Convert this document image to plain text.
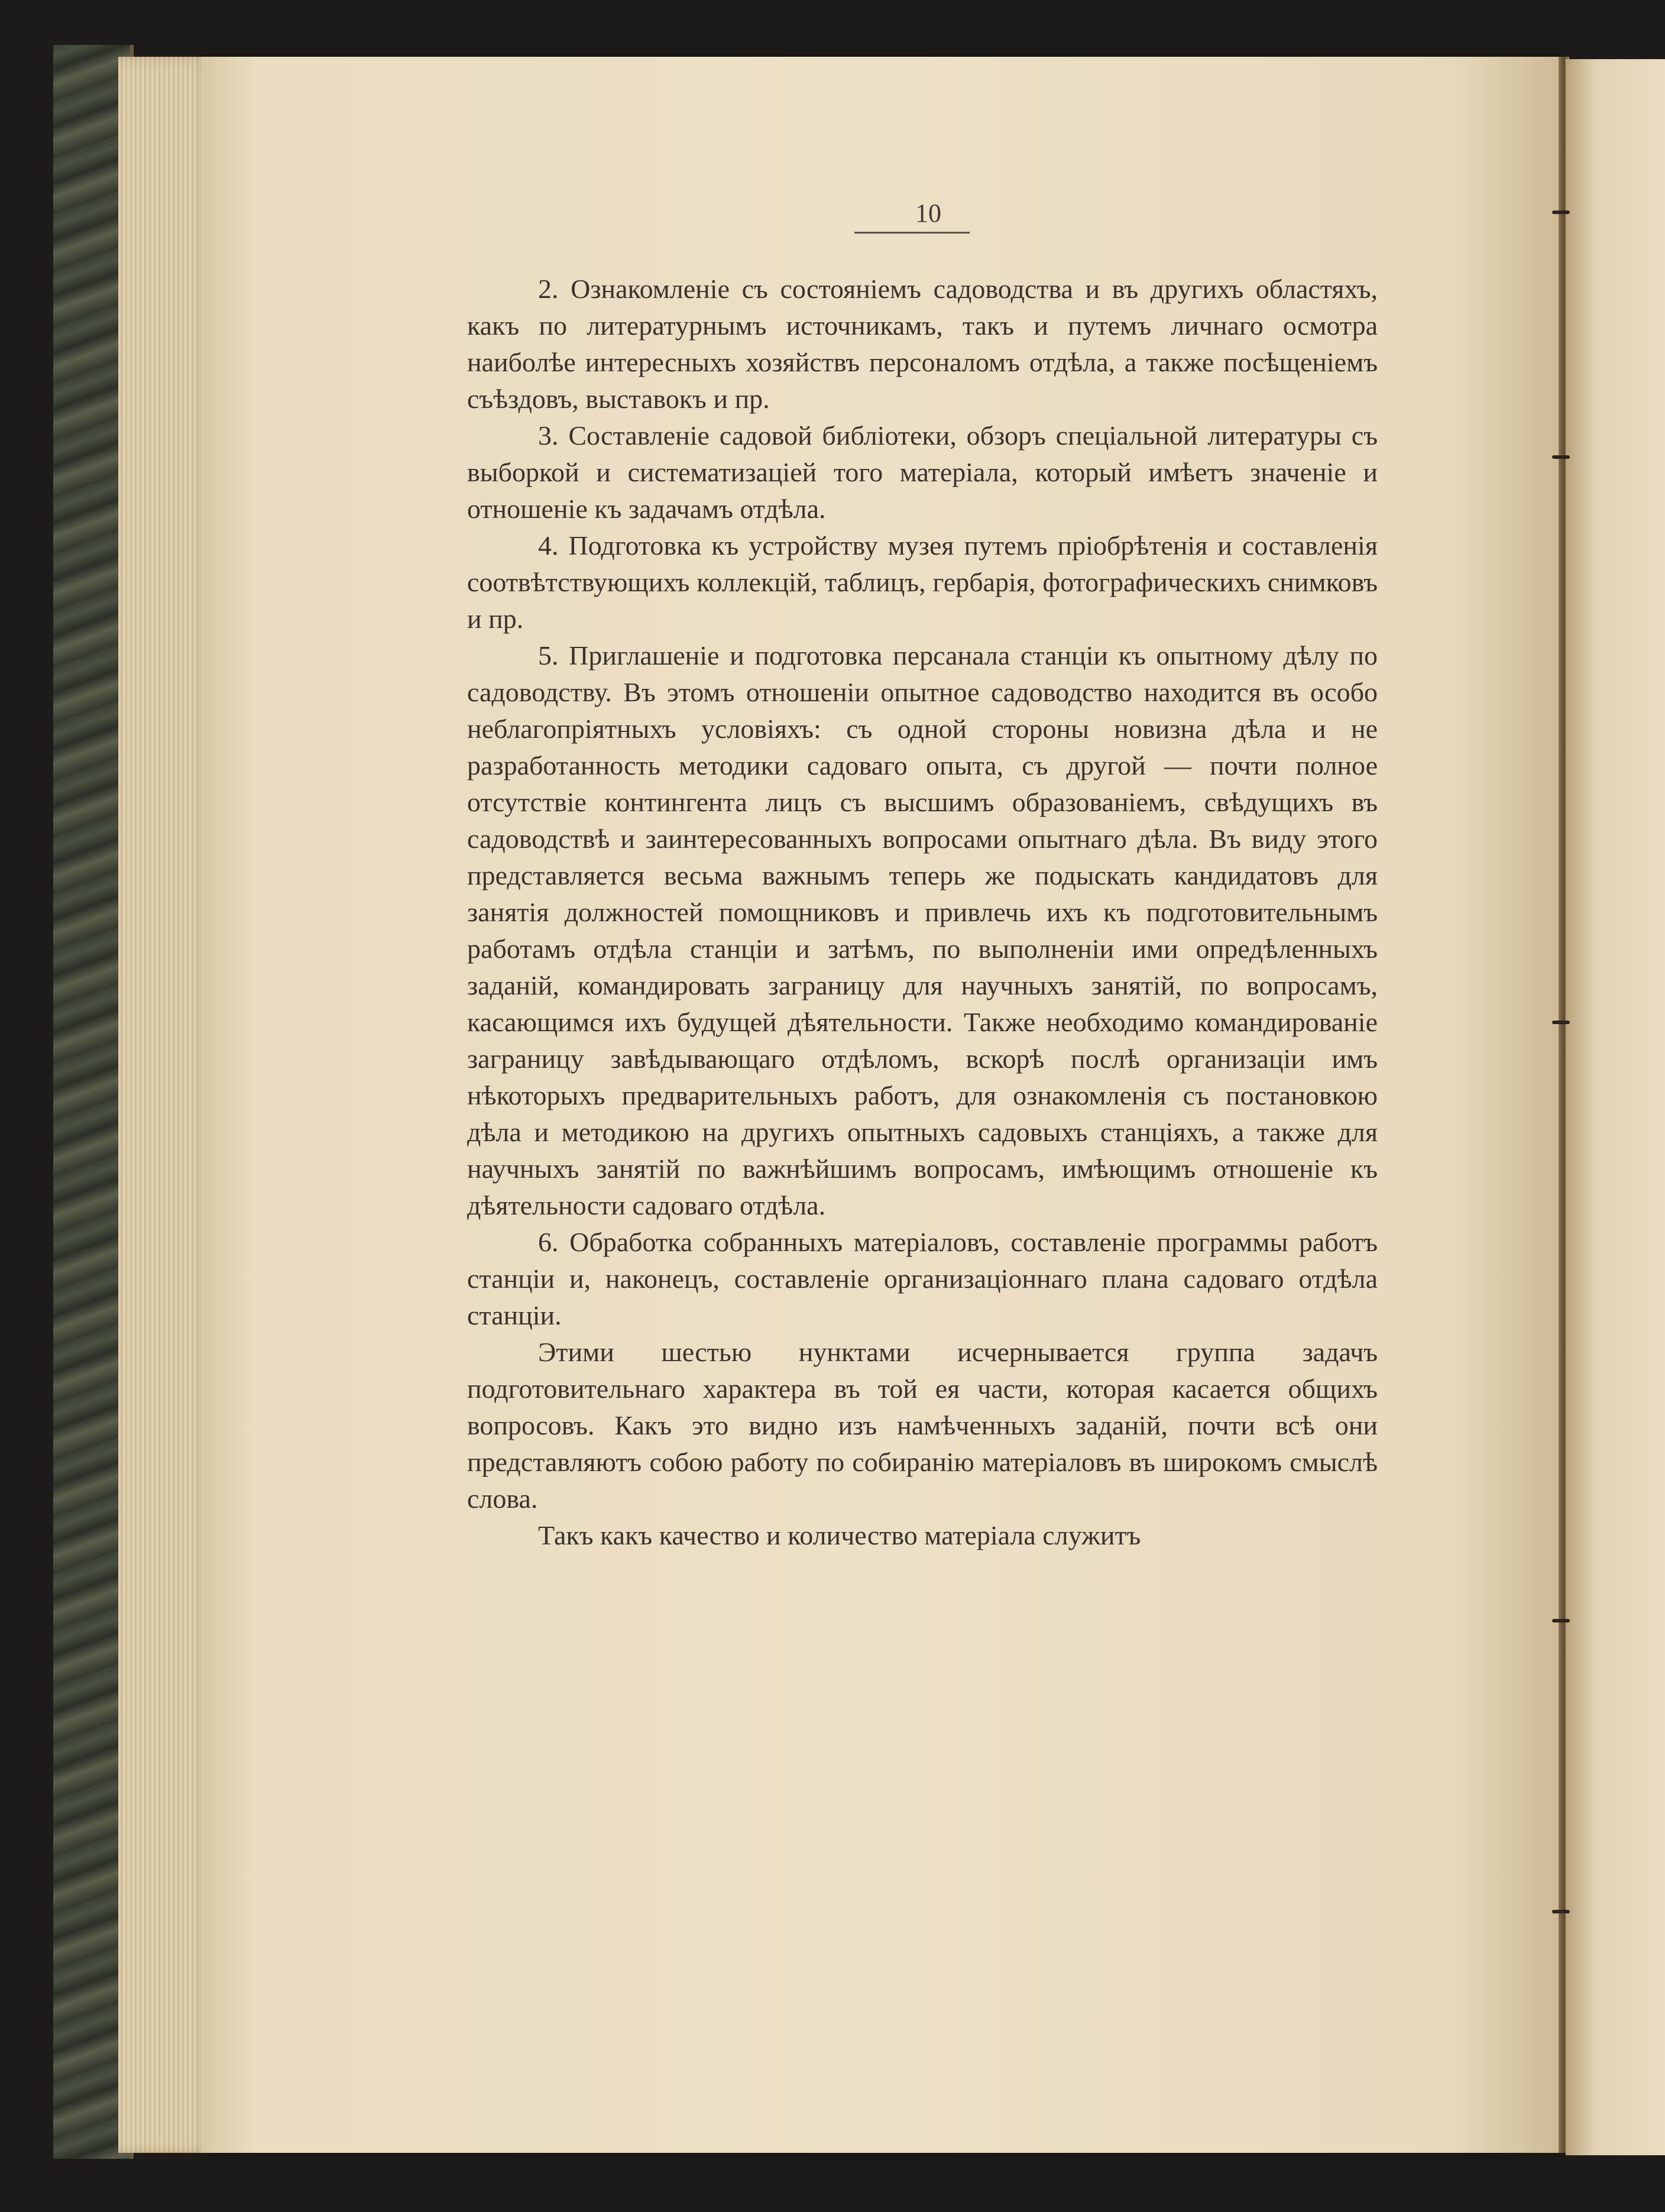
10

2. Ознакомленіе съ состояніемъ садоводства и въ другихъ областяхъ, какъ по литературнымъ источникамъ, такъ и путемъ личнаго осмотра наиболѣе интересныхъ хозяйствъ персоналомъ отдѣла, а также посѣщеніемъ съѣздовъ, выставокъ и пр.

3. Составленіе садовой библіотеки, обзоръ спеціальной литературы съ выборкой и систематизаціей того матеріала, который имѣетъ значеніе и отношеніе къ задачамъ отдѣла.

4. Подготовка къ устройству музея путемъ пріобрѣтенія и составленія соотвѣтствующихъ коллекцій, таблицъ, гербарія, фотографическихъ снимковъ и пр.

5. Приглашеніе и подготовка персанала станціи къ опытному дѣлу по садоводству. Въ этомъ отношеніи опытное садоводство находится въ особо неблагопріятныхъ условіяхъ: съ одной стороны новизна дѣла и не разработанность методики садоваго опыта, съ другой — почти полное отсутствіе контингента лицъ съ высшимъ образованіемъ, свѣдущихъ въ садоводствѣ и заинтересованныхъ вопросами опытнаго дѣла. Въ виду этого представляется весьма важнымъ теперь же подыскать кандидатовъ для занятія должностей помощниковъ и привлечь ихъ къ подготовительнымъ работамъ отдѣла станціи и затѣмъ, по выполненіи ими опредѣленныхъ заданій, командировать заграницу для научныхъ занятій, по вопросамъ, касающимся ихъ будущей дѣятельности. Также необходимо командированіе заграницу завѣдывающаго отдѣломъ, вскорѣ послѣ организаціи имъ нѣкоторыхъ предварительныхъ работъ, для ознакомленія съ постановкою дѣла и методикою на другихъ опытныхъ садовыхъ станціяхъ, а также для научныхъ занятій по важнѣйшимъ вопросамъ, имѣющимъ отношеніе къ дѣятельности садоваго отдѣла.

6. Обработка собранныхъ матеріаловъ, составленіе программы работъ станціи и, наконецъ, составленіе организаціоннаго плана садоваго отдѣла станціи.

Этими шестью нунктами исчернывается группа задачъ подготовительнаго характера въ той ея части, которая касается общихъ вопросовъ. Какъ это видно изъ намѣченныхъ заданій, почти всѣ они представляютъ собою работу по собиранію матеріаловъ въ широкомъ смыслѣ слова.

Такъ какъ качество и количество матеріала служитъ
